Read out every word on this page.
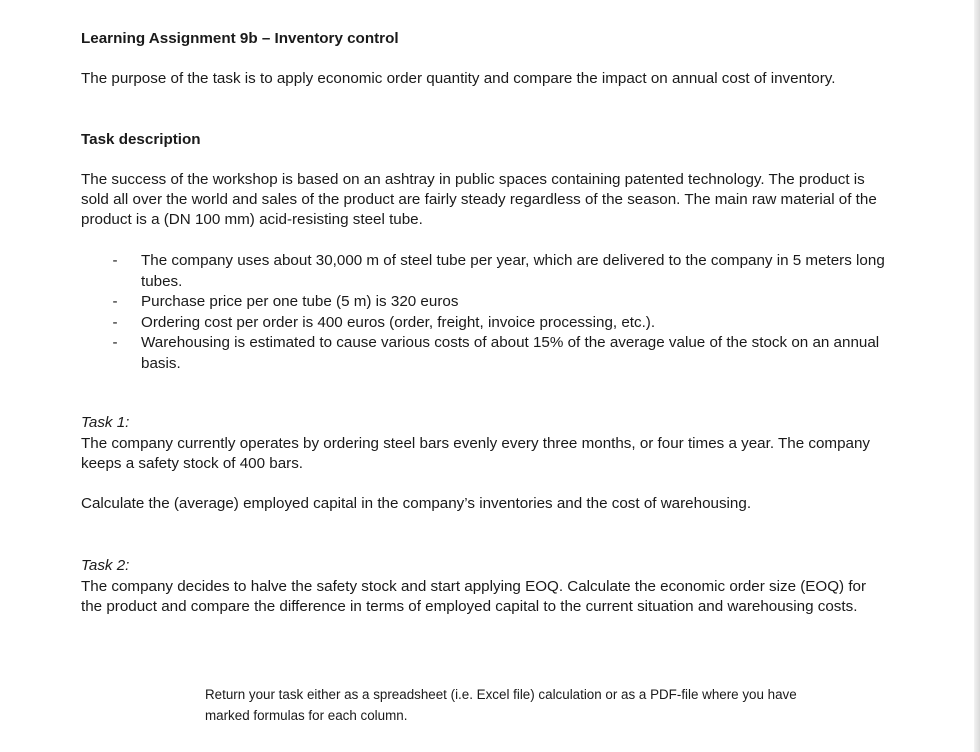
Learning Assignment 9b – Inventory control

The purpose of the task is to apply economic order quantity and compare the impact on annual cost of inventory.

Task description

The success of the workshop is based on an ashtray in public spaces containing patented technology. The product is sold all over the world and sales of the product are fairly steady regardless of the season. The main raw material of the product is a (DN 100 mm) acid-resisting steel tube.

- The company uses about 30,000 m of steel tube per year, which are delivered to the company in 5 meters long tubes.
- Purchase price per one tube (5 m) is 320 euros
- Ordering cost per order is 400 euros (order, freight, invoice processing, etc.).
- Warehousing is estimated to cause various costs of about 15% of the average value of the stock on an annual basis.

Task 1:

The company currently operates by ordering steel bars evenly every three months, or four times a year. The company keeps a safety stock of 400 bars.

Calculate the (average) employed capital in the company’s inventories and the cost of warehousing.

Task 2:

The company decides to halve the safety stock and start applying EOQ. Calculate the economic order size (EOQ) for the product and compare the difference in terms of employed capital to the current situation and warehousing costs.

Return your task either as a spreadsheet (i.e. Excel file) calculation or as a PDF-file where you have marked formulas for each column.
